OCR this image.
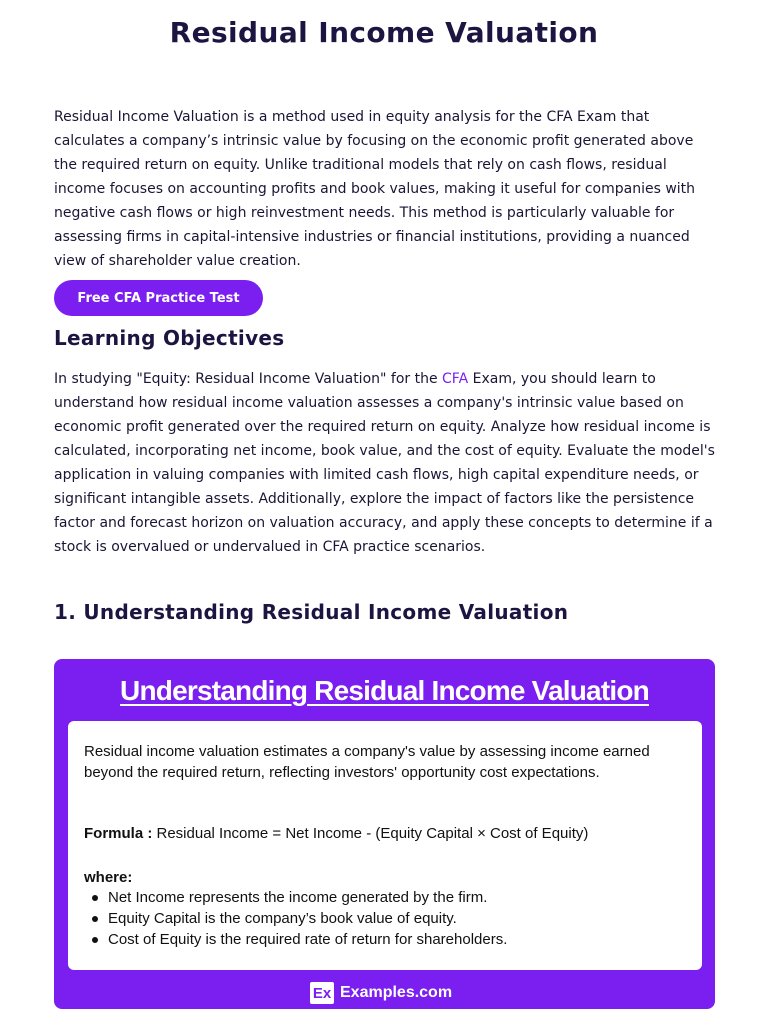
Residual Income Valuation

Residual Income Valuation is a method used in equity analysis for the CFA Exam that calculates a company’s intrinsic value by focusing on the economic profit generated above the required return on equity. Unlike traditional models that rely on cash flows, residual income focuses on accounting profits and book values, making it useful for companies with negative cash flows or high reinvestment needs. This method is particularly valuable for assessing firms in capital-intensive industries or financial institutions, providing a nuanced view of shareholder value creation.

Free CFA Practice Test
Learning Objectives

In studying "Equity: Residual Income Valuation" for the CFA Exam, you should learn to understand how residual income valuation assesses a company's intrinsic value based on economic profit generated over the required return on equity. Analyze how residual income is calculated, incorporating net income, book value, and the cost of equity. Evaluate the model's application in valuing companies with limited cash flows, high capital expenditure needs, or significant intangible assets. Additionally, explore the impact of factors like the persistence factor and forecast horizon on valuation accuracy, and apply these concepts to determine if a stock is overvalued or undervalued in CFA practice scenarios.

1. Understanding Residual Income Valuation
Understanding Residual Income Valuation
Residual income valuation estimates a company's value by assessing income earned beyond the required return, reflecting investors' opportunity cost expectations.
Formula : Residual Income = Net Income - (Equity Capital × Cost of Equity)
where:
Net Income represents the income generated by the firm.
Equity Capital is the company’s book value of equity.
Cost of Equity is the required rate of return for shareholders.
Ex Examples.com
